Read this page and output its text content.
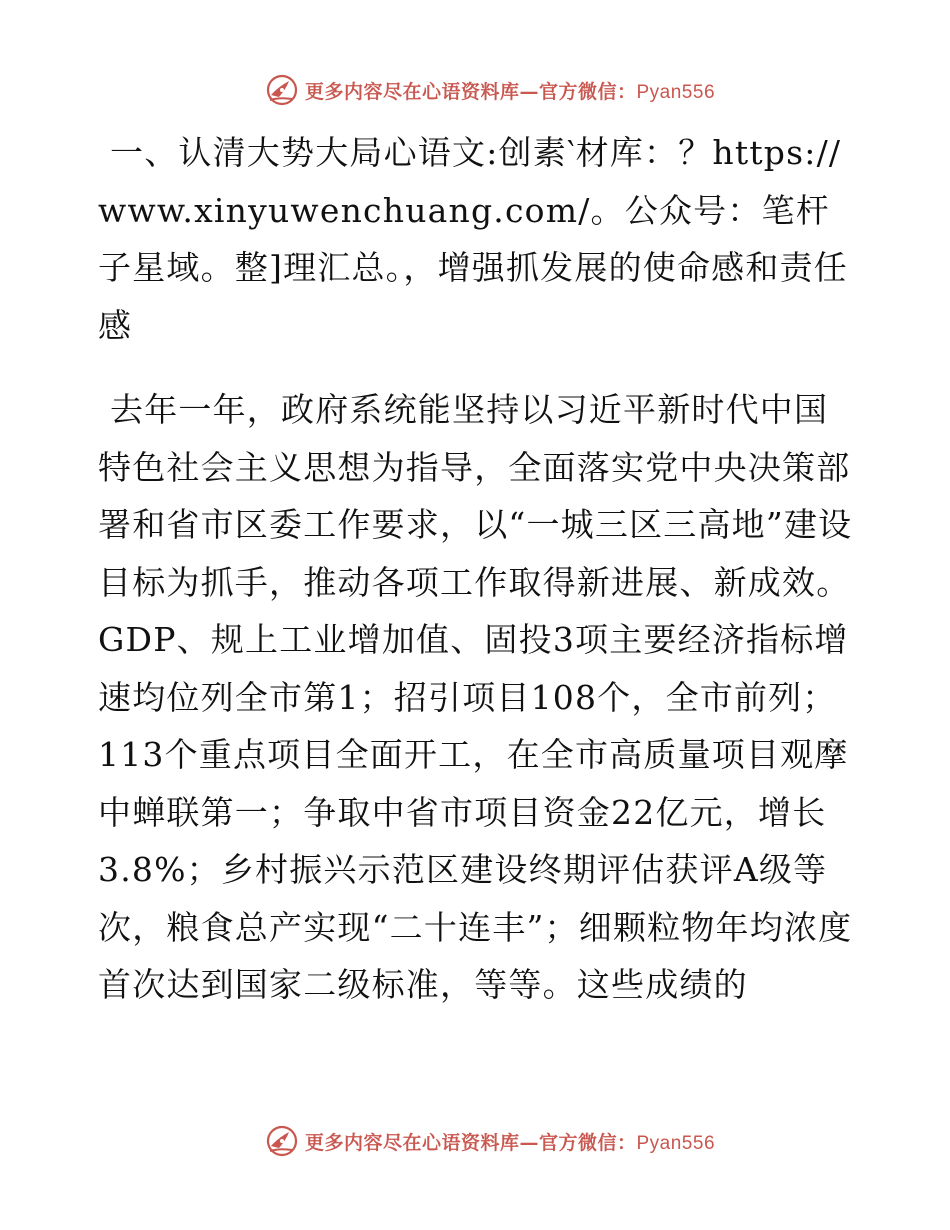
更多内容尽在心语资料库—官方微信：Pyan556

一、认清大势大局心语文:创素‵材库：？https://www.xinyuwenchuang.com/。公众号：笔杆子星域。整]理汇总。，增强抓发展的使命感和责任感

去年一年，政府系统能坚持以习近平新时代中国特色社会主义思想为指导，全面落实党中央决策部署和省市区委工作要求，以“一城三区三高地”建设目标为抓手，推动各项工作取得新进展、新成效。GDP、规上工业增加值、固投3项主要经济指标增速均位列全市第1；招引项目108个，全市前列；113个重点项目全面开工，在全市高质量项目观摩中蝉联第一；争取中省市项目资金22亿元，增长3.8%；乡村振兴示范区建设终期评估获评A级等次，粮食总产实现“二十连丰”；细颗粒物年均浓度首次达到国家二级标准，等等。这些成绩的

更多内容尽在心语资料库—官方微信：Pyan556
